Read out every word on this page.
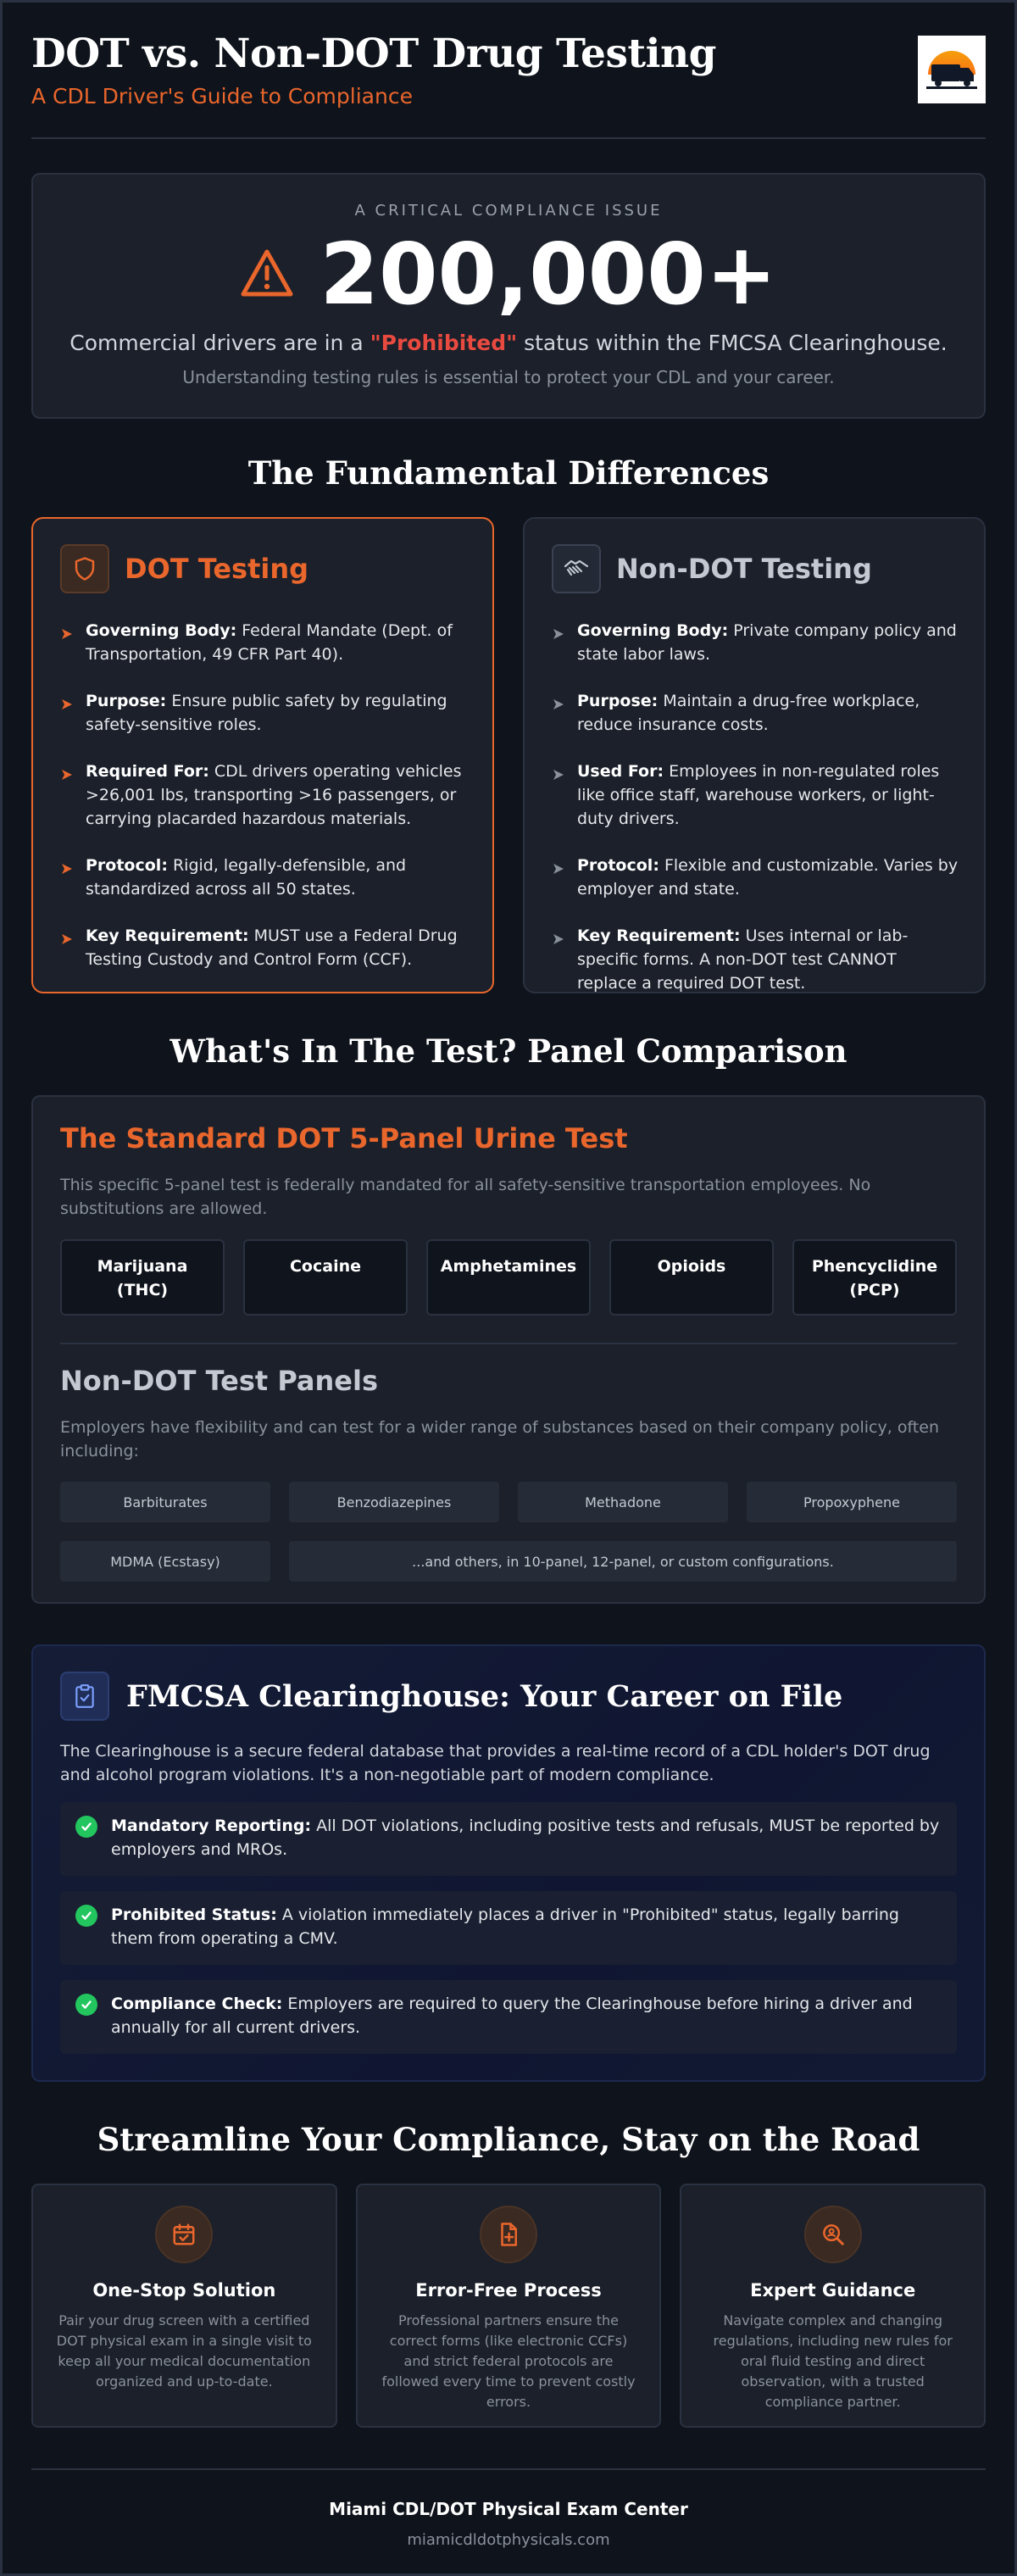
DOT vs. Non-DOT Drug Testing
A CDL Driver's Guide to Compliance
A CRITICAL COMPLIANCE ISSUE
200,000+
Commercial drivers are in a "Prohibited" status within the FMCSA Clearinghouse.
Understanding testing rules is essential to protect your CDL and your career.
The Fundamental Differences
DOT Testing
Governing Body: Federal Mandate (Dept. of Transportation, 49 CFR Part 40).
Purpose: Ensure public safety by regulating safety-sensitive roles.
Required For: CDL drivers operating vehicles >26,001 lbs, transporting >16 passengers, or carrying placarded hazardous materials.
Protocol: Rigid, legally-defensible, and standardized across all 50 states.
Key Requirement: MUST use a Federal Drug Testing Custody and Control Form (CCF).
Non-DOT Testing
Governing Body: Private company policy and state labor laws.
Purpose: Maintain a drug-free workplace, reduce insurance costs.
Used For: Employees in non-regulated roles like office staff, warehouse workers, or light-duty drivers.
Protocol: Flexible and customizable. Varies by employer and state.
Key Requirement: Uses internal or lab-specific forms. A non-DOT test CANNOT replace a required DOT test.
What's In The Test? Panel Comparison
The Standard DOT 5-Panel Urine Test

This specific 5-panel test is federally mandated for all safety-sensitive transportation employees. No substitutions are allowed.

Marijuana
(THC)
Cocaine	Amphetamines	Opioids	Phencyclidine
(PCP)
Non-DOT Test Panels

Employers have flexibility and can test for a wider range of substances based on their company policy, often including:

Barbiturates	Benzodiazepines	Methadone	Propoxyphene
MDMA (Ecstasy)	...and others, in 10-panel, 12-panel, or custom configurations.
FMCSA Clearinghouse: Your Career on File
The Clearinghouse is a secure federal database that provides a real-time record of a CDL holder's DOT drug and alcohol program violations. It's a non-negotiable part of modern compliance.
Mandatory Reporting: All DOT violations, including positive tests and refusals, MUST be reported by employers and MROs.
Prohibited Status: A violation immediately places a driver in "Prohibited" status, legally barring them from operating a CMV.
Compliance Check: Employers are required to query the Clearinghouse before hiring a driver and annually for all current drivers.
Streamline Your Compliance, Stay on the Road
One-Stop Solution
Pair your drug screen with a certified DOT physical exam in a single visit to keep all your medical documentation organized and up-to-date.
Error-Free Process
Professional partners ensure the correct forms (like electronic CCFs) and strict federal protocols are followed every time to prevent costly errors.
Expert Guidance
Navigate complex and changing regulations, including new rules for oral fluid testing and direct observation, with a trusted compliance partner.
Miami CDL/DOT Physical Exam Center
miamicdldotphysicals.com
